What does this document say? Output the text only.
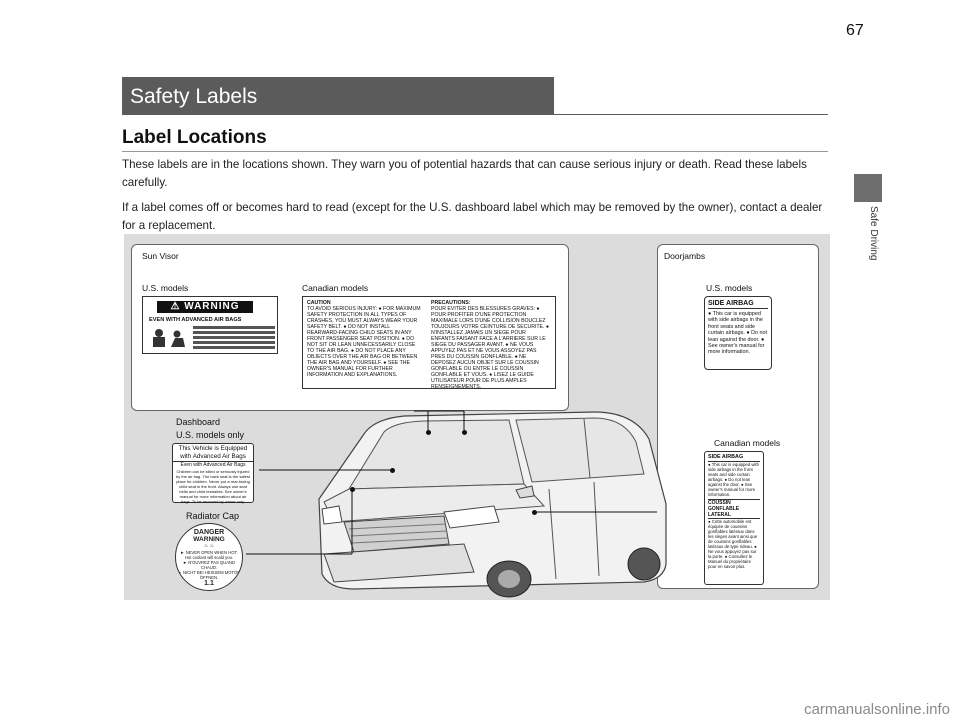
67
Safety Labels
Safe Driving
Label Locations
These labels are in the locations shown. They warn you of potential hazards that can cause serious injury or death. Read these labels carefully.
If a label comes off or becomes hard to read (except for the U.S. dashboard label which may be removed by the owner), contact a dealer for a replacement.
Sun Visor
U.S. models	Canadian models
⚠ WARNING
EVEN WITH ADVANCED AIR BAGS
CAUTION
TO AVOID SERIOUS INJURY: ● FOR MAXIMUM SAFETY PROTECTION IN ALL TYPES OF CRASHES, YOU MUST ALWAYS WEAR YOUR SAFETY BELT. ● DO NOT INSTALL REARWARD-FACING CHILD SEATS IN ANY FRONT PASSENGER SEAT POSITION. ● DO NOT SIT OR LEAN UNNECESSARILY CLOSE TO THE AIR BAG. ● DO NOT PLACE ANY OBJECTS OVER THE AIR BAG OR BETWEEN THE AIR BAG AND YOURSELF. ● SEE THE OWNER'S MANUAL FOR FURTHER INFORMATION AND EXPLANATIONS.
PRECAUTIONS:
POUR EVITER DES BLESSURES GRAVES: ● POUR PROFITER D'UNE PROTECTION MAXIMALE LORS D'UNE COLLISION BOUCLEZ TOUJOURS VOTRE CEINTURE DE SECURITE. ● N'INSTALLEZ JAMAIS UN SIEGE POUR ENFANTS FAISANT FACE A L'ARRIERE SUR LE SIEGE DU PASSAGER AVANT. ● NE VOUS APPUYEZ PAS ET NE VOUS ASSOYEZ PAS PRES DU COUSSIN GONFLABLE. ● NE DEPOSEZ AUCUN OBJET SUR LE COUSSIN GONFLABLE OU ENTRE LE COUSSIN GONFLABLE ET VOUS. ● LISEZ LE GUIDE UTILISATEUR POUR DE PLUS AMPLES RENSEIGNEMENTS.
Doorjambs
U.S. models
SIDE AIRBAG
● This car is equipped with side airbags in the front seats and side curtain airbags. ● Do not lean against the door. ● See owner's manual for more information.
Canadian models
SIDE AIRBAG
● This car is equipped with side airbags in the front seats and side curtain airbags. ● Do not lean against the door. ● See owner's manual for more information.
COUSSIN GONFLABLE LATERAL
● Cette automobile est équipée de coussins gonflables latéraux dans les sièges avant ainsi que de coussins gonflables latéraux de type rideau. ● Ne vous appuyez pas sur la porte. ● Consultez le Manuel du propriétaire pour en savoir plus.
Dashboard
U.S. models only
This Vehicle is Equipped with Advanced Air Bags
Even with Advanced Air Bags
Children can be killed or seriously injured by the air bag. The back seat is the safest place for children. Never put a rear-facing child seat in the front. Always use seat belts and child restraints. See owner's manual for more information about air bags. To be removed by owner only.
Radiator Cap
DANGER
WARNING
♨ ♨
► NEVER OPEN WHEN HOT.
Hot coolant will scald you.
► N'OUVREZ PAS QUAND CHAUD.
► NICHT BEI HEISSEM MOTOR ÖFFNEN.
1.1
carmanualsonline.info
